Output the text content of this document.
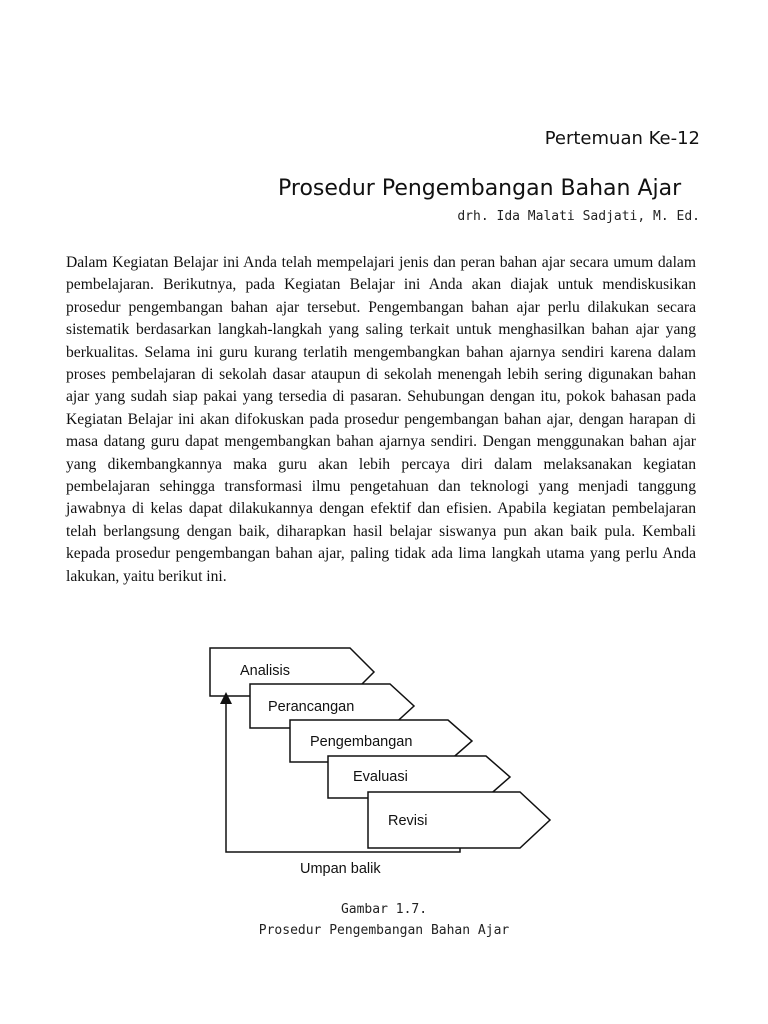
Pertemuan Ke-12
Prosedur Pengembangan Bahan Ajar
drh. Ida Malati Sadjati, M. Ed.

Dalam Kegiatan Belajar ini Anda telah mempelajari jenis dan peran bahan ajar secara umum dalam pembelajaran. Berikutnya, pada Kegiatan Belajar ini Anda akan diajak untuk mendiskusikan prosedur pengembangan bahan ajar tersebut. Pengembangan bahan ajar perlu dilakukan secara sistematik berdasarkan langkah-langkah yang saling terkait untuk menghasilkan bahan ajar yang berkualitas. Selama ini guru kurang terlatih mengembangkan bahan ajarnya sendiri karena dalam proses pembelajaran di sekolah dasar ataupun di sekolah menengah lebih sering digunakan bahan ajar yang sudah siap pakai yang tersedia di pasaran. Sehubungan dengan itu, pokok bahasan pada Kegiatan Belajar ini akan difokuskan pada prosedur pengembangan bahan ajar, dengan harapan di masa datang guru dapat mengembangkan bahan ajarnya sendiri. Dengan menggunakan bahan ajar yang dikembangkannya maka guru akan lebih percaya diri dalam melaksanakan kegiatan pembelajaran sehingga transformasi ilmu pengetahuan dan teknologi yang menjadi tanggung jawabnya di kelas dapat dilakukannya dengan efektif dan efisien. Apabila kegiatan pembelajaran telah berlangsung dengan baik, diharapkan hasil belajar siswanya pun akan baik pula. Kembali kepada prosedur pengembangan bahan ajar, paling tidak ada lima langkah utama yang perlu Anda lakukan, yaitu berikut ini.

Analisis
Perancangan
Pengembangan
Evaluasi
Revisi
Umpan balik
Gambar 1.7.
Prosedur Pengembangan Bahan Ajar
